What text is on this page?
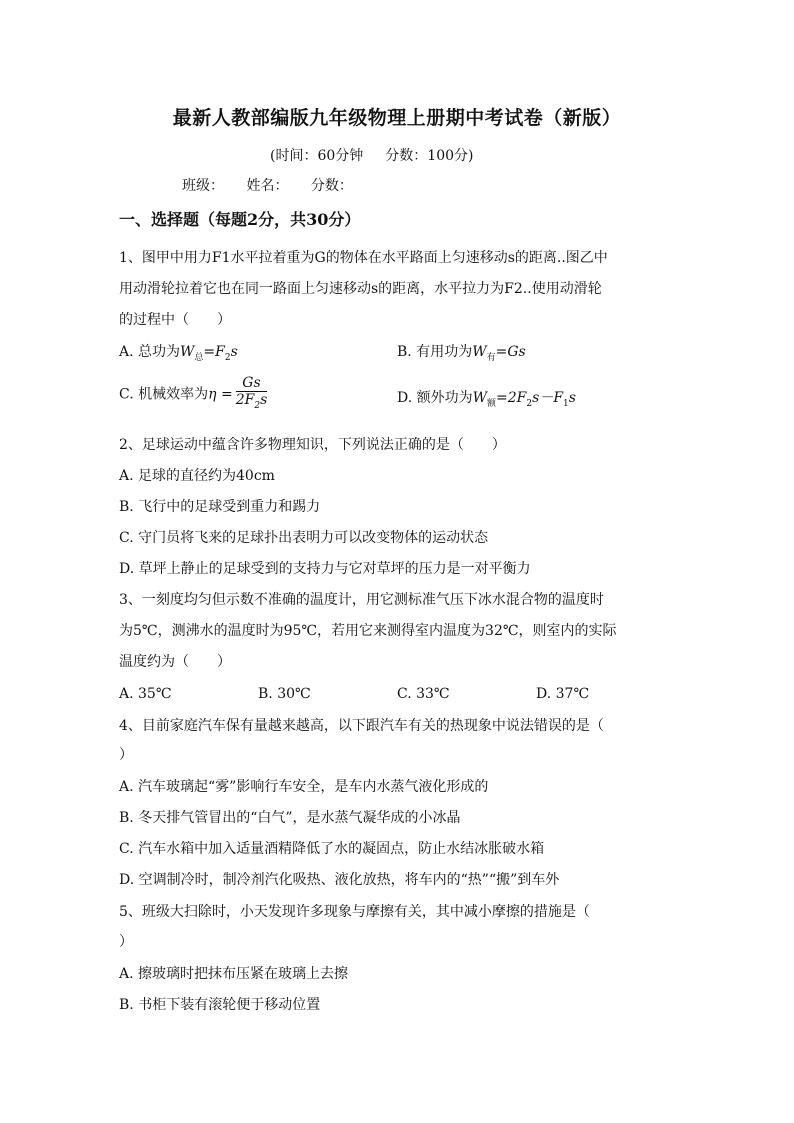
最新人教部编版九年级物理上册期中考试卷（新版）
(时间：60分钟 分数：100分)
班级： 姓名： 分数：
一、选择题（每题2分，共30分）
1、图甲中用力F1水平拉着重为G的物体在水平路面上匀速移动s的距离..图乙中
用动滑轮拉着它也在同一路面上匀速移动s的距离，水平拉力为F2..使用动滑轮
的过程中（　　）
A. 总功为$W_总=F_2s$	B. 有用功为$W_有=Gs$
C. 机械效率为$\eta = \frac{Gs}{2F_2s}$	D. 额外功为$W_额=2F_2s-F_1s$
2、足球运动中蕴含许多物理知识，下列说法正确的是（　　）
A. 足球的直径约为40cm
B. 飞行中的足球受到重力和踢力
C. 守门员将飞来的足球扑出表明力可以改变物体的运动状态
D. 草坪上静止的足球受到的支持力与它对草坪的压力是一对平衡力
3、一刻度均匀但示数不准确的温度计，用它测标准气压下冰水混合物的温度时
为5℃，测沸水的温度时为95℃，若用它来测得室内温度为32℃，则室内的实际
温度约为（　　）
A. 35℃	B. 30℃	C. 33℃	D. 37℃
4、目前家庭汽车保有量越来越高，以下跟汽车有关的热现象中说法错误的是（
）
A. 汽车玻璃起“雾”影响行车安全，是车内水蒸气液化形成的
B. 冬天排气管冒出的“白气”，是水蒸气凝华成的小冰晶
C. 汽车水箱中加入适量酒精降低了水的凝固点，防止水结冰胀破水箱
D. 空调制冷时，制冷剂汽化吸热、液化放热，将车内的“热”“搬”到车外
5、班级大扫除时，小天发现许多现象与摩擦有关，其中减小摩擦的措施是（
）
A. 擦玻璃时把抹布压紧在玻璃上去擦
B. 书柜下装有滚轮便于移动位置
